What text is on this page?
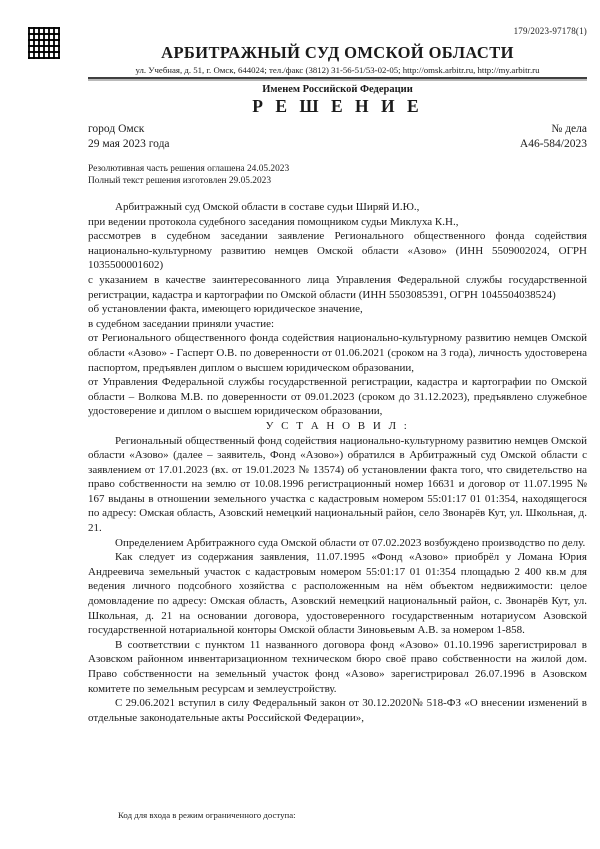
179/2023-97178(1)
АРБИТРАЖНЫЙ СУД ОМСКОЙ ОБЛАСТИ
ул. Учебная, д. 51, г. Омск, 644024; тел./факс (3812) 31-56-51/53-02-05; http://omsk.arbitr.ru, http://my.arbitr.ru
Именем Российской Федерации
Р Е Ш Е Н И Е
город Омск
29 мая 2023 года
№ дела
А46-584/2023
Резолютивная часть решения оглашена 24.05.2023
Полный текст решения изготовлен 29.05.2023

Арбитражный суд Омской области в составе судьи Ширяй И.Ю.,

при ведении протокола судебного заседания помощником судьи Миклуха К.Н.,

рассмотрев в судебном заседании заявление Регионального общественного фонда содействия национально-культурному развитию немцев Омской области «Азово» (ИНН 5509002024, ОГРН 1035500001602)

с указанием в качестве заинтересованного лица Управления Федеральной службы государственной регистрации, кадастра и картографии по Омской области (ИНН 5503085391, ОГРН 1045504038524)

об установлении факта, имеющего юридическое значение,

в судебном заседании приняли участие:

от Регионального общественного фонда содействия национально-культурному развитию немцев Омской области «Азово» - Гасперт О.В. по доверенности от 01.06.2021 (сроком на 3 года), личность удостоверена паспортом, предъявлен диплом о высшем юридическом образовании,

от Управления Федеральной службы государственной регистрации, кадастра и картографии по Омской области – Волкова М.В. по доверенности от 09.01.2023 (сроком до 31.12.2023), предъявлено служебное удостоверение и диплом о высшем юридическом образовании,

У С Т А Н О В И Л :

Региональный общественный фонд содействия национально-культурному развитию немцев Омской области «Азово» (далее – заявитель, Фонд «Азово») обратился в Арбитражный суд Омской области с заявлением от 17.01.2023 (вх. от 19.01.2023 № 13574) об установлении факта того, что свидетельство на право собственности на землю от 10.08.1996 регистрационный номер 16631 и договор от 11.07.1995 № 167 выданы в отношении земельного участка с кадастровым номером 55:01:17 01 01:354, находящегося по адресу: Омская область, Азовский немецкий национальный район, село Звонарёв Кут, ул. Школьная, д. 21.

Определением Арбитражного суда Омской области от 07.02.2023 возбуждено производство по делу.

Как следует из содержания заявления, 11.07.1995 «Фонд «Азово» приобрёл у Ломана Юрия Андреевича земельный участок с кадастровым номером 55:01:17 01 01:354 площадью 2 400 кв.м для ведения личного подсобного хозяйства с расположенным на нём объектом недвижимости: целое домовладение по адресу: Омская область, Азовский немецкий национальный район, с. Звонарёв Кут, ул. Школьная, д. 21 на основании договора, удостоверенного государственным нотариусом Азовской государственной нотариальной конторы Омской области Зиновьевым А.В. за номером 1-858.

В соответствии с пунктом 11 названного договора фонд «Азово» 01.10.1996 зарегистрировал в Азовском районном инвентаризационном техническом бюро своё право собственности на жилой дом. Право собственности на земельный участок фонд «Азово» зарегистрировал 26.07.1996 в Азовском комитете по земельным ресурсам и землеустройству.

С 29.06.2021 вступил в силу Федеральный закон от 30.12.2020№ 518-ФЗ «О внесении изменений в отдельные законодательные акты Российской Федерации»,

Код для входа в режим ограниченного доступа:
